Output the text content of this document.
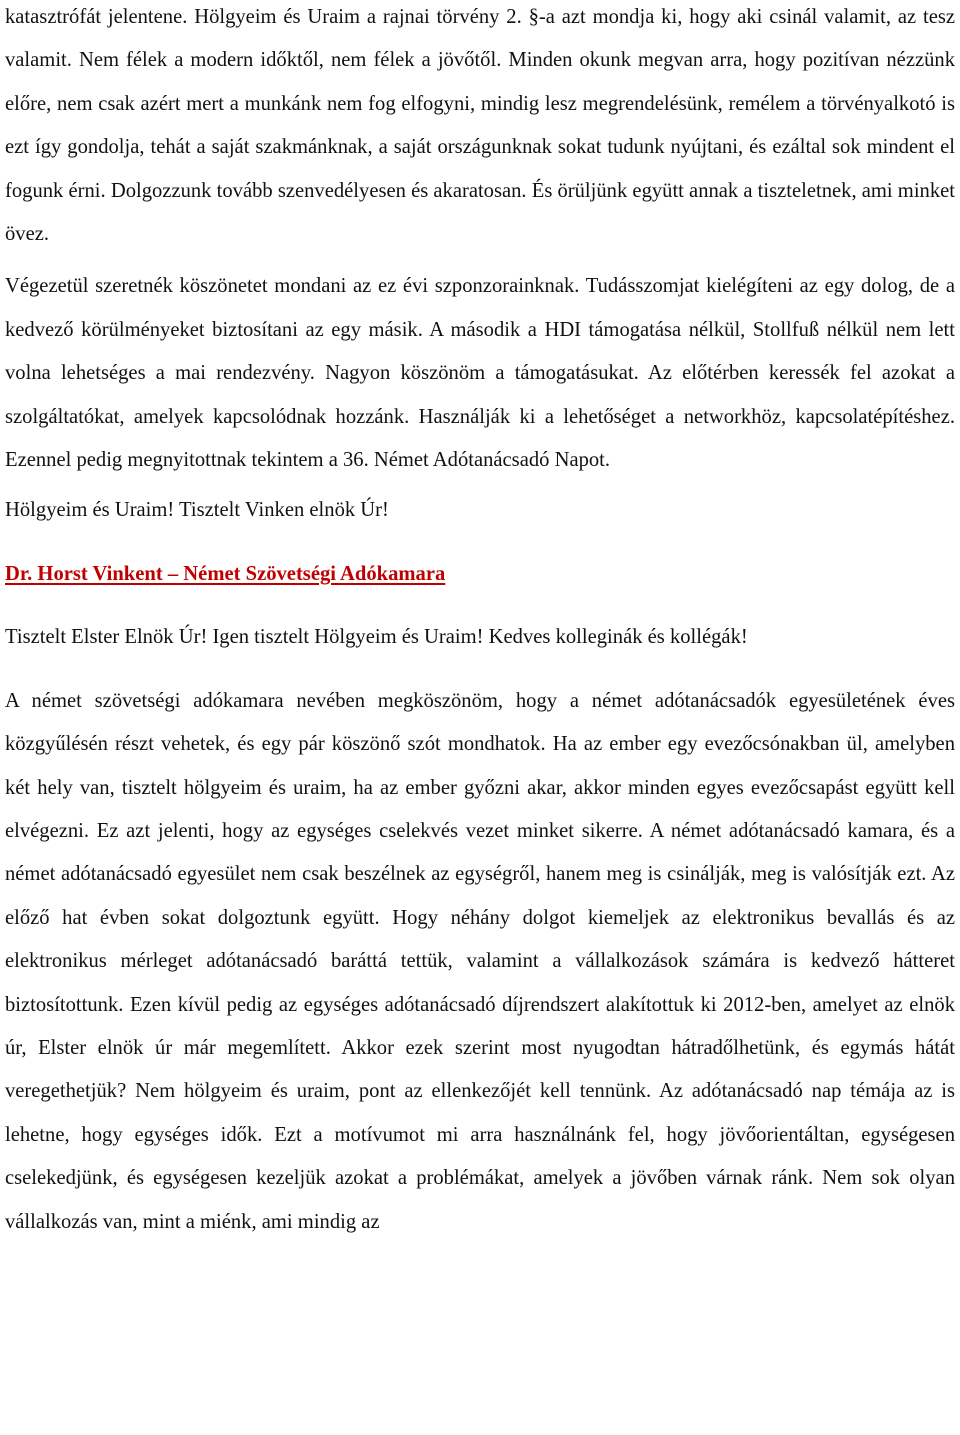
katasztrófát jelentene. Hölgyeim és Uraim a rajnai törvény 2. §-a azt mondja ki, hogy aki csinál valamit, az tesz valamit. Nem félek a modern időktől, nem félek a jövőtől. Minden okunk megvan arra, hogy pozitívan nézzünk előre, nem csak azért mert a munkánk nem fog elfogyni, mindig lesz megrendelésünk, remélem a törvényalkotó is ezt így gondolja, tehát a saját szakmánknak, a saját országunknak sokat tudunk nyújtani, és ezáltal sok mindent el fogunk érni. Dolgozzunk tovább szenvedélyesen és akaratosan. És örüljünk együtt annak a tiszteletnek, ami minket övez.

Végezetül szeretnék köszönetet mondani az ez évi szponzorainknak. Tudásszomjat kielégíteni az egy dolog, de a kedvező körülményeket biztosítani az egy másik. A második a HDI támogatása nélkül, Stollfuß nélkül nem lett volna lehetséges a mai rendezvény. Nagyon köszönöm a támogatásukat. Az előtérben keressék fel azokat a szolgáltatókat, amelyek kapcsolódnak hozzánk. Használják ki a lehetőséget a networkhöz, kapcsolatépítéshez. Ezennel pedig megnyitottnak tekintem a 36. Német Adótanácsadó Napot.

Hölgyeim és Uraim! Tisztelt Vinken elnök Úr!

Dr. Horst Vinkent – Német Szövetségi Adókamara

Tisztelt Elster Elnök Úr! Igen tisztelt Hölgyeim és Uraim! Kedves kolleginák és kollégák!

A német szövetségi adókamara nevében megköszönöm, hogy a német adótanácsadók egyesületének éves közgyűlésén részt vehetek, és egy pár köszönő szót mondhatok. Ha az ember egy evezőcsónakban ül, amelyben két hely van, tisztelt hölgyeim és uraim, ha az ember győzni akar, akkor minden egyes evezőcsapást együtt kell elvégezni. Ez azt jelenti, hogy az egységes cselekvés vezet minket sikerre. A német adótanácsadó kamara, és a német adótanácsadó egyesület nem csak beszélnek az egységről, hanem meg is csinálják, meg is valósítják ezt. Az előző hat évben sokat dolgoztunk együtt. Hogy néhány dolgot kiemeljek az elektronikus bevallás és az elektronikus mérleget adótanácsadó baráttá tettük, valamint a vállalkozások számára is kedvező hátteret biztosítottunk. Ezen kívül pedig az egységes adótanácsadó díjrendszert alakítottuk ki 2012-ben, amelyet az elnök úr, Elster elnök úr már megemlített. Akkor ezek szerint most nyugodtan hátradőlhetünk, és egymás hátát veregethetjük? Nem hölgyeim és uraim, pont az ellenkezőjét kell tennünk. Az adótanácsadó nap témája az is lehetne, hogy egységes idők. Ezt a motívumot mi arra használnánk fel, hogy jövőorientáltan, egységesen cselekedjünk, és egységesen kezeljük azokat a problémákat, amelyek a jövőben várnak ránk. Nem sok olyan vállalkozás van, mint a miénk, ami mindig az
